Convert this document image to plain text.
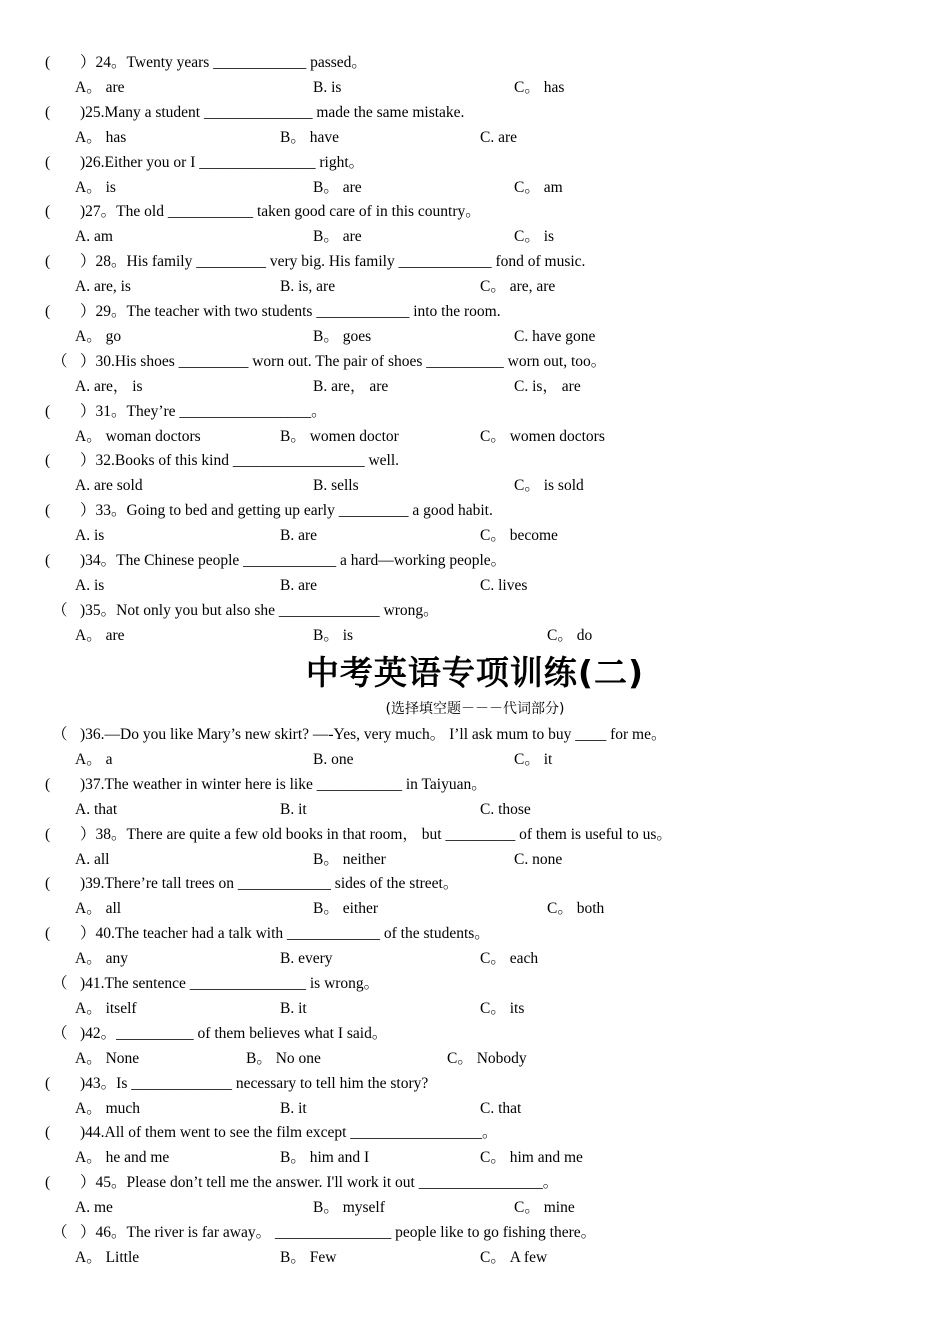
中考英语专项训练(二)
(选择填空题－－－代词部分)
( ）24。Twenty years ____________ passed。
A。 are	B. is	C。 has
( )25.Many a student ______________ made the same mistake.
A。 has	B。 have	C. are
( )26.Either you or I _______________ right。
A。 is	B。 are	C。 am
( )27。The old ___________ taken good care of in this country。
A. am	B。 are	C。 is
( ）28。His family _________ very big. His family ____________ fond of music.
A. are, is	B. is, are	C。 are, are
( ）29。The teacher with two students ____________ into the room.
A。 go	B。 goes	C. have gone
（ ）30.His shoes _________ worn out. The pair of shoes __________ worn out, too。
A. are， is	B. are， are	C. is， are
( ）31。They’re _________________。
A。 woman doctors	B。 women doctor	C。 women doctors
( ）32.Books of this kind _________________ well.
A. are sold	B. sells	C。 is sold
( ）33。Going to bed and getting up early _________ a good habit.
A. is	B. are	C。 become
( )34。The Chinese people ____________ a hard—working people。
A. is	B. are	C. lives
（ )35。Not only you but also she _____________ wrong。
A。 are	B。 is	C。 do
（ )36.—Do you like Mary’s new skirt? —-Yes, very much。 I’ll ask mum to buy ____ for me。
A。 a	B. one	C。 it
( )37.The weather in winter here is like ___________ in Taiyuan。
A. that	B. it	C. those
( ）38。There are quite a few old books in that room， but _________ of them is useful to us。
A. all	B。 neither	C. none
( )39.There’re tall trees on ____________ sides of the street。
A。 all	B。 either	C。 both
( ）40.The teacher had a talk with ____________ of the students。
A。 any	B. every	C。 each
（ )41.The sentence _______________ is wrong。
A。 itself	B. it	C。 its
（ )42。__________ of them believes what I said。
A。 None	B。 No one	C。 Nobody
( )43。Is _____________ necessary to tell him the story?
A。 much	B. it	C. that
( )44.All of them went to see the film except _________________。
A。 he and me	B。 him and I	C。 him and me
( ）45。Please don’t tell me the answer. I'll work it out ________________。
A. me	B。 myself	C。 mine
（ ）46。The river is far away。 _______________ people like to go fishing there。
A。 Little	B。 Few	C。 A few
